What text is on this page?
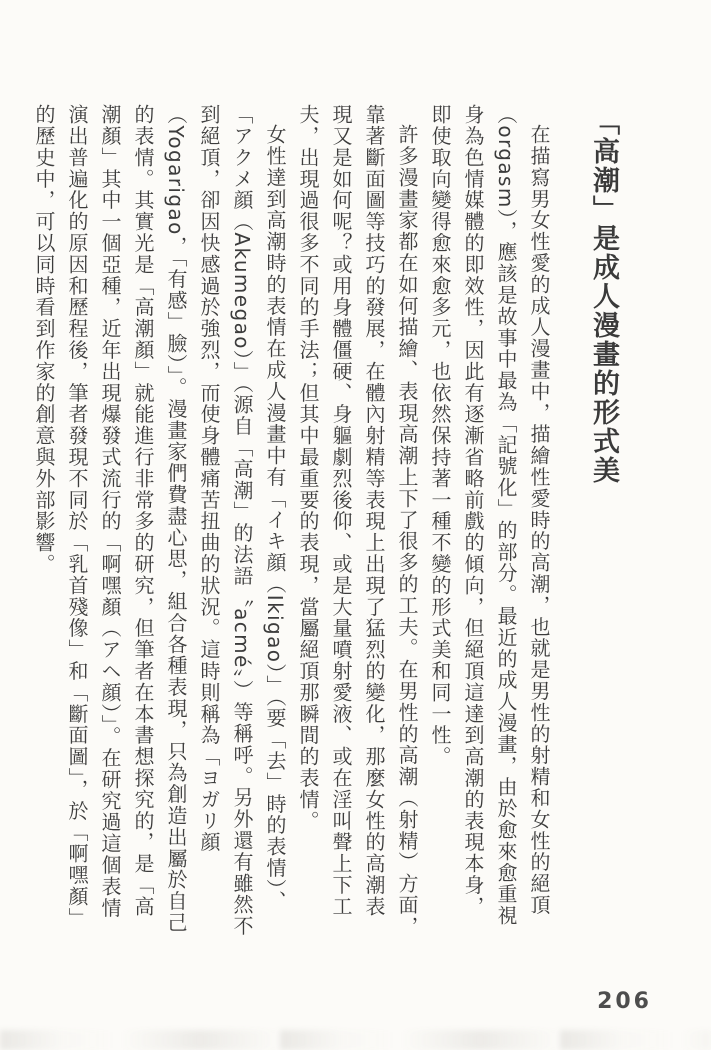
「高潮」是成人漫畫的形式美

在描寫男女性愛的成人漫畫中，描繪性愛時的高潮，也就是男性的射精和女性的絕頂（orgasm），應該是故事中最為「記號化」的部分。最近的成人漫畫，由於愈來愈重視身為色情媒體的即效性，因此有逐漸省略前戲的傾向，但絕頂這達到高潮的表現本身，即使取向變得愈來愈多元，也依然保持著一種不變的形式美和同一性。

許多漫畫家都在如何描繪、表現高潮上下了很多的工夫。在男性的高潮（射精）方面，靠著斷面圖等技巧的發展，在體內射精等表現上出現了猛烈的變化，那麼女性的高潮表現又是如何呢？或用身體僵硬、身軀劇烈後仰、或是大量噴射愛液、或在淫叫聲上下工夫，出現過很多不同的手法；但其中最重要的表現，當屬絕頂那瞬間的表情。

女性達到高潮時的表情在成人漫畫中有「イキ顔（Ikigao）」（要「去」時的表情）、「アクメ顔（Akumegao）」（源自「高潮」的法語〝acmé〞）等稱呼。另外還有雖然不到絕頂，卻因快感過於強烈，而使身體痛苦扭曲的狀況。這時則稱為「ヨガリ顔（Yogarigao，「有感」臉）」。漫畫家們費盡心思，組合各種表現，只為創造出屬於自己的表情。其實光是「高潮顏」就能進行非常多的研究，但筆者在本書想探究的，是「高潮顏」其中一個亞種，近年出現爆發式流行的「啊嘿顏（アヘ顔）」。在研究過這個表情演出普遍化的原因和歷程後，筆者發現不同於「乳首殘像」和「斷面圖」，於「啊嘿顏」的歷史中，可以同時看到作家的創意與外部影響。

206
